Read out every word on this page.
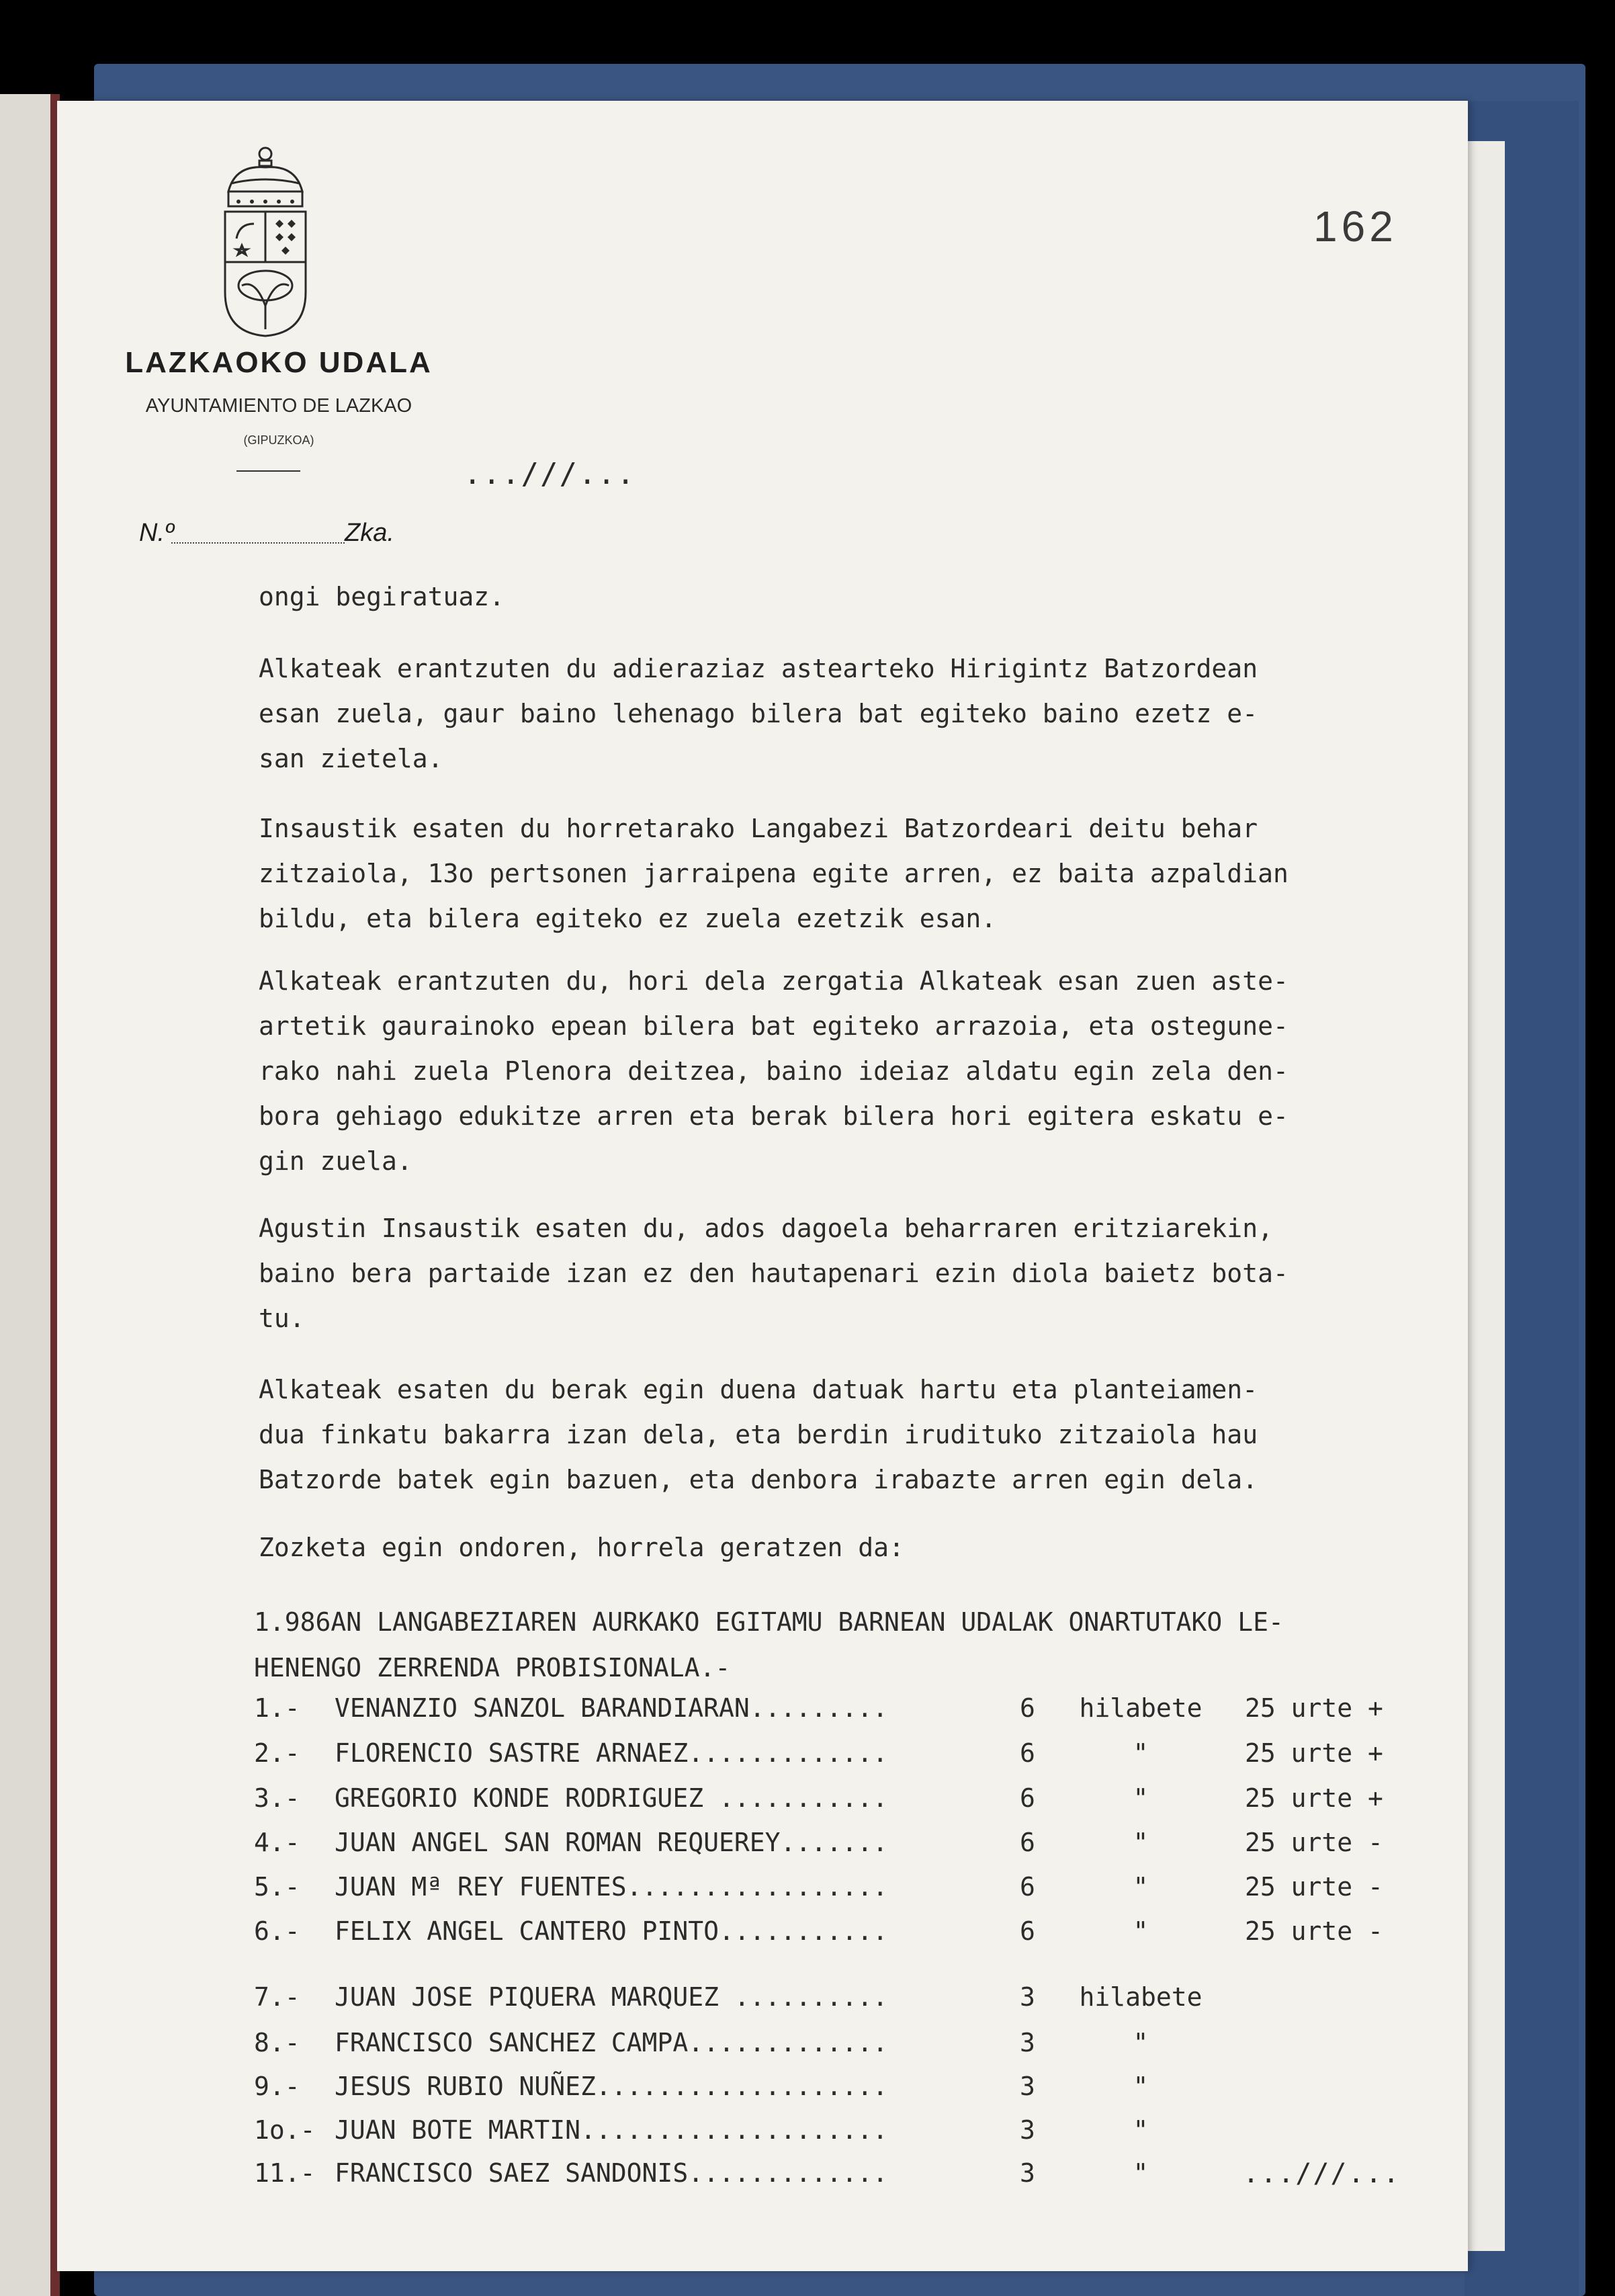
LAZKAOKO UDALA
AYUNTAMIENTO DE LAZKAO
(GIPUZKOA)
162
...///...
N.º	Zka.
ongi begiratuaz.
Alkateak erantzuten du adieraziaz astearteko Hirigintz Batzordean
esan zuela, gaur baino lehenago bilera bat egiteko baino ezetz e-
san zietela.
Insaustik esaten du horretarako Langabezi Batzordeari deitu behar
zitzaiola, 13o pertsonen jarraipena egite arren, ez baita azpaldian
bildu, eta bilera egiteko ez zuela ezetzik esan.
Alkateak erantzuten du, hori dela zergatia Alkateak esan zuen aste-
artetik gaurainoko epean bilera bat egiteko arrazoia, eta ostegune-
rako nahi zuela Plenora deitzea, baino ideiaz aldatu egin zela den-
bora gehiago edukitze arren eta berak bilera hori egitera eskatu e-
gin zuela.
Agustin Insaustik esaten du, ados dagoela beharraren eritziarekin,
baino bera partaide izan ez den hautapenari ezin diola baietz bota-
tu.
Alkateak esaten du berak egin duena datuak hartu eta planteiamen-
dua finkatu bakarra izan dela, eta berdin irudituko zitzaiola hau
Batzorde batek egin bazuen, eta denbora irabazte arren egin dela.
Zozketa egin ondoren, horrela geratzen da:
1.986AN LANGABEZIAREN AURKAKO EGITAMU BARNEAN UDALAK ONARTUTAKO LE-
HENENGO ZERRENDA PROBISIONALA.-
1.- VENANZIO SANZOL BARANDIARAN.........	6	hilabete	25 urte +
2.- FLORENCIO SASTRE ARNAEZ.............	6	"	25 urte +
3.- GREGORIO KONDE RODRIGUEZ ...........	6	"	25 urte +
4.- JUAN ANGEL SAN ROMAN REQUEREY.......	6	"	25 urte -
5.- JUAN Mª REY FUENTES.................	6	"	25 urte -
6.- FELIX ANGEL CANTERO PINTO...........	6	"	25 urte -
7.- JUAN JOSE PIQUERA MARQUEZ ..........	3	hilabete
8.- FRANCISCO SANCHEZ CAMPA.............	3	"
9.- JESUS RUBIO NUÑEZ...................	3	"
1o.- JUAN BOTE MARTIN....................	3	"
11.- FRANCISCO SAEZ SANDONIS.............	3	"	...///...
